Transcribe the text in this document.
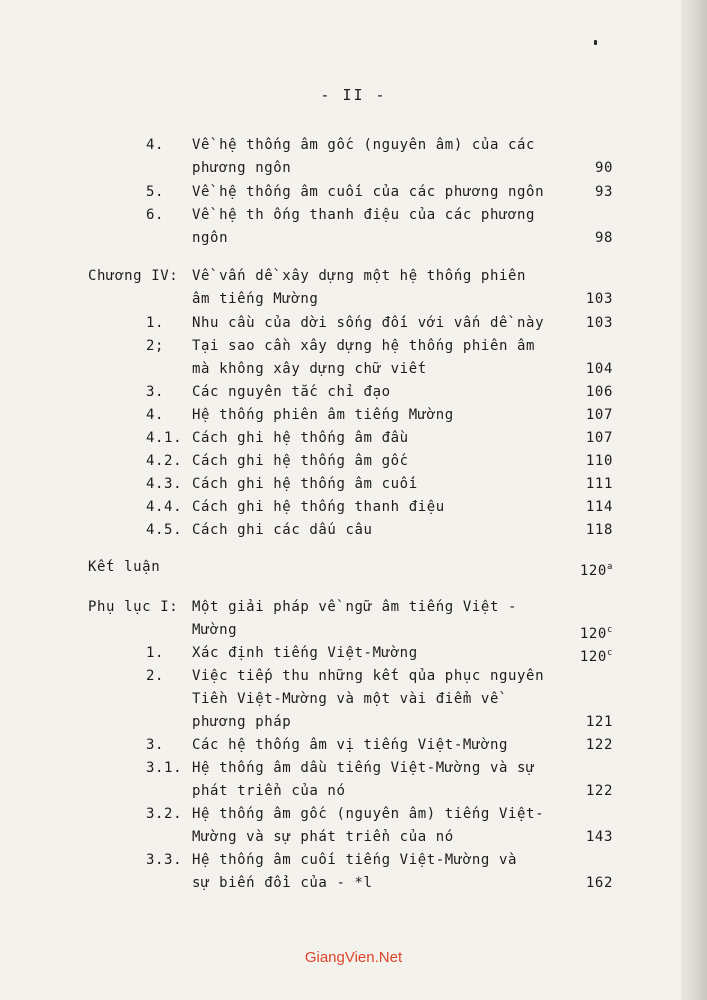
- II -
4. Về hệ thống âm gốc (nguyên âm) của các
phương ngôn	90
5. Về hệ thống âm cuối của các phương ngôn	93
6. Về hệ th ống thanh điệu của các phương
ngôn	98
Chương IV: Về vấn dề xây dựng một hệ thống phiên
âm tiếng Mường	103
1. Nhu cầu của dời sống đối với vấn dề này	103
2; Tại sao cần xây dựng hệ thống phiên âm
mà không xây dựng chữ viết	104
3. Các nguyên tắc chỉ đạo	106
4. Hệ thống phiên âm tiếng Mường	107
4.1. Cách ghi hệ thống âm đầu	107
4.2. Cách ghi hệ thống âm gốc	110
4.3. Cách ghi hệ thống âm cuối	111
4.4. Cách ghi hệ thống thanh điệu	114
4.5. Cách ghi các dấu câu	118
Kết luận	120$^a$
Phụ lục I: Một giải pháp về ngữ âm tiếng Việt -
Mường	120$^c$
1. Xác định tiếng Việt-Mường	120$^c$
2. Việc tiếp thu những kết qủa phục nguyên
Tiền Việt-Mường và một vài điểm về
phương pháp	121
3. Các hệ thống âm vị tiếng Việt-Mường	122
3.1. Hệ thống âm dầu tiếng Việt-Mường và sự
phát triển của nó	122
3.2. Hệ thống âm gốc (nguyên âm) tiếng Việt-
Mường và sự phát triển của nó	143
3.3. Hệ thống âm cuối tiếng Việt-Mường và
sự biến đổi của - *l	162
GiangVien.Net
